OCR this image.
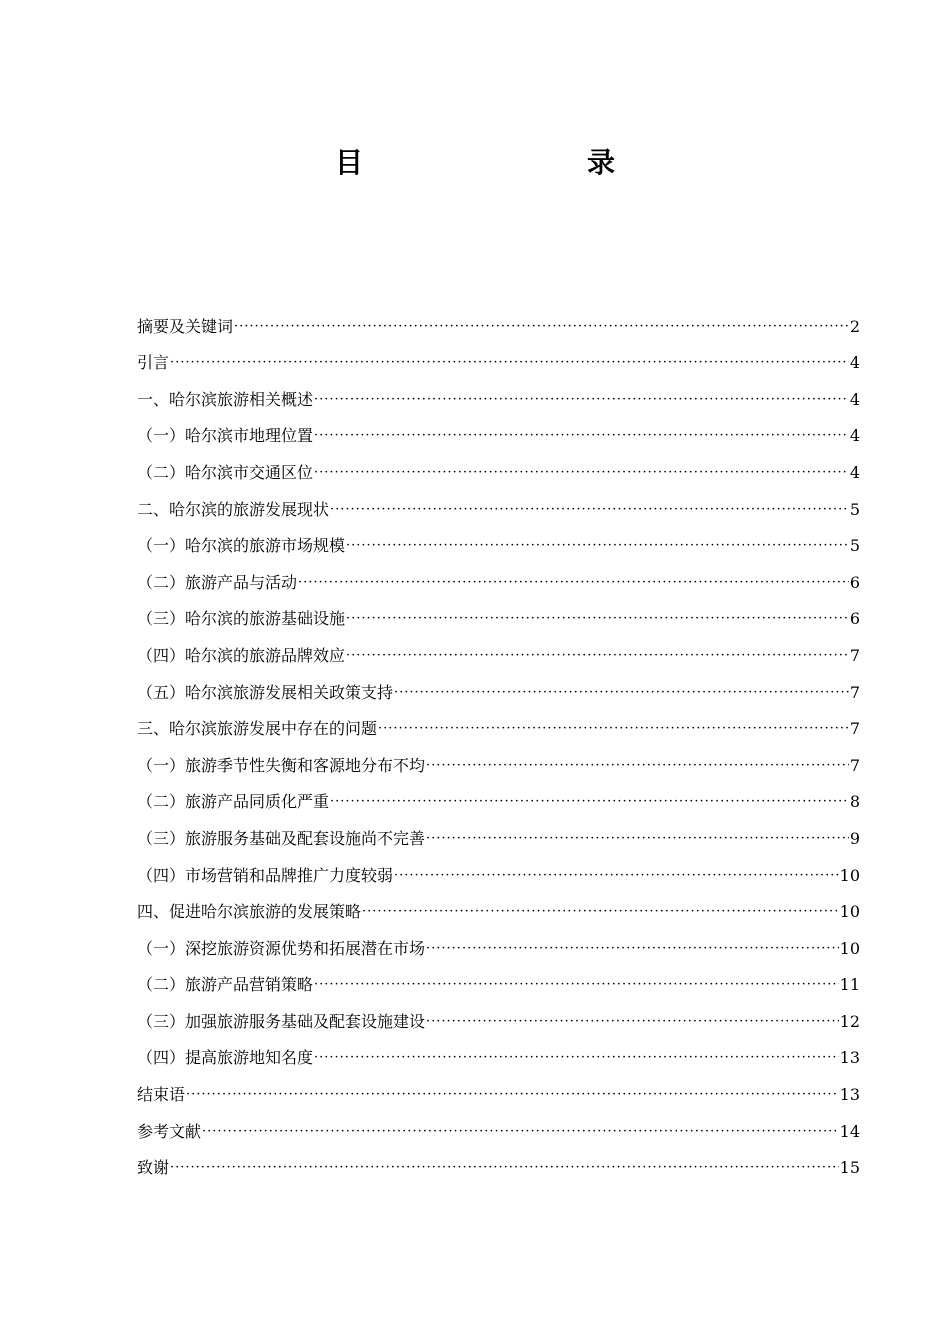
目　　录
摘要及关键词 ·····	2
引言 ·····	4
一、哈尔滨旅游相关概述 ·····	4
（一）哈尔滨市地理位置 ·····	4
（二）哈尔滨市交通区位 ·····	4
二、哈尔滨的旅游发展现状 ·····	5
（一）哈尔滨的旅游市场规模 ·····	5
（二）旅游产品与活动 ·····	6
（三）哈尔滨的旅游基础设施 ·····	6
（四）哈尔滨的旅游品牌效应 ·····	7
（五）哈尔滨旅游发展相关政策支持 ·····	7
三、哈尔滨旅游发展中存在的问题 ·····	7
（一）旅游季节性失衡和客源地分布不均 ·····	7
（二）旅游产品同质化严重 ·····	8
（三）旅游服务基础及配套设施尚不完善 ·····	9
（四）市场营销和品牌推广力度较弱 ·····	10
四、促进哈尔滨旅游的发展策略 ·····	10
（一）深挖旅游资源优势和拓展潜在市场 ·····	10
（二）旅游产品营销策略 ·····	11
（三）加强旅游服务基础及配套设施建设 ·····	12
（四）提高旅游地知名度 ·····	13
结束语 ·····	13
参考文献 ·····	14
致谢 ·····	15
